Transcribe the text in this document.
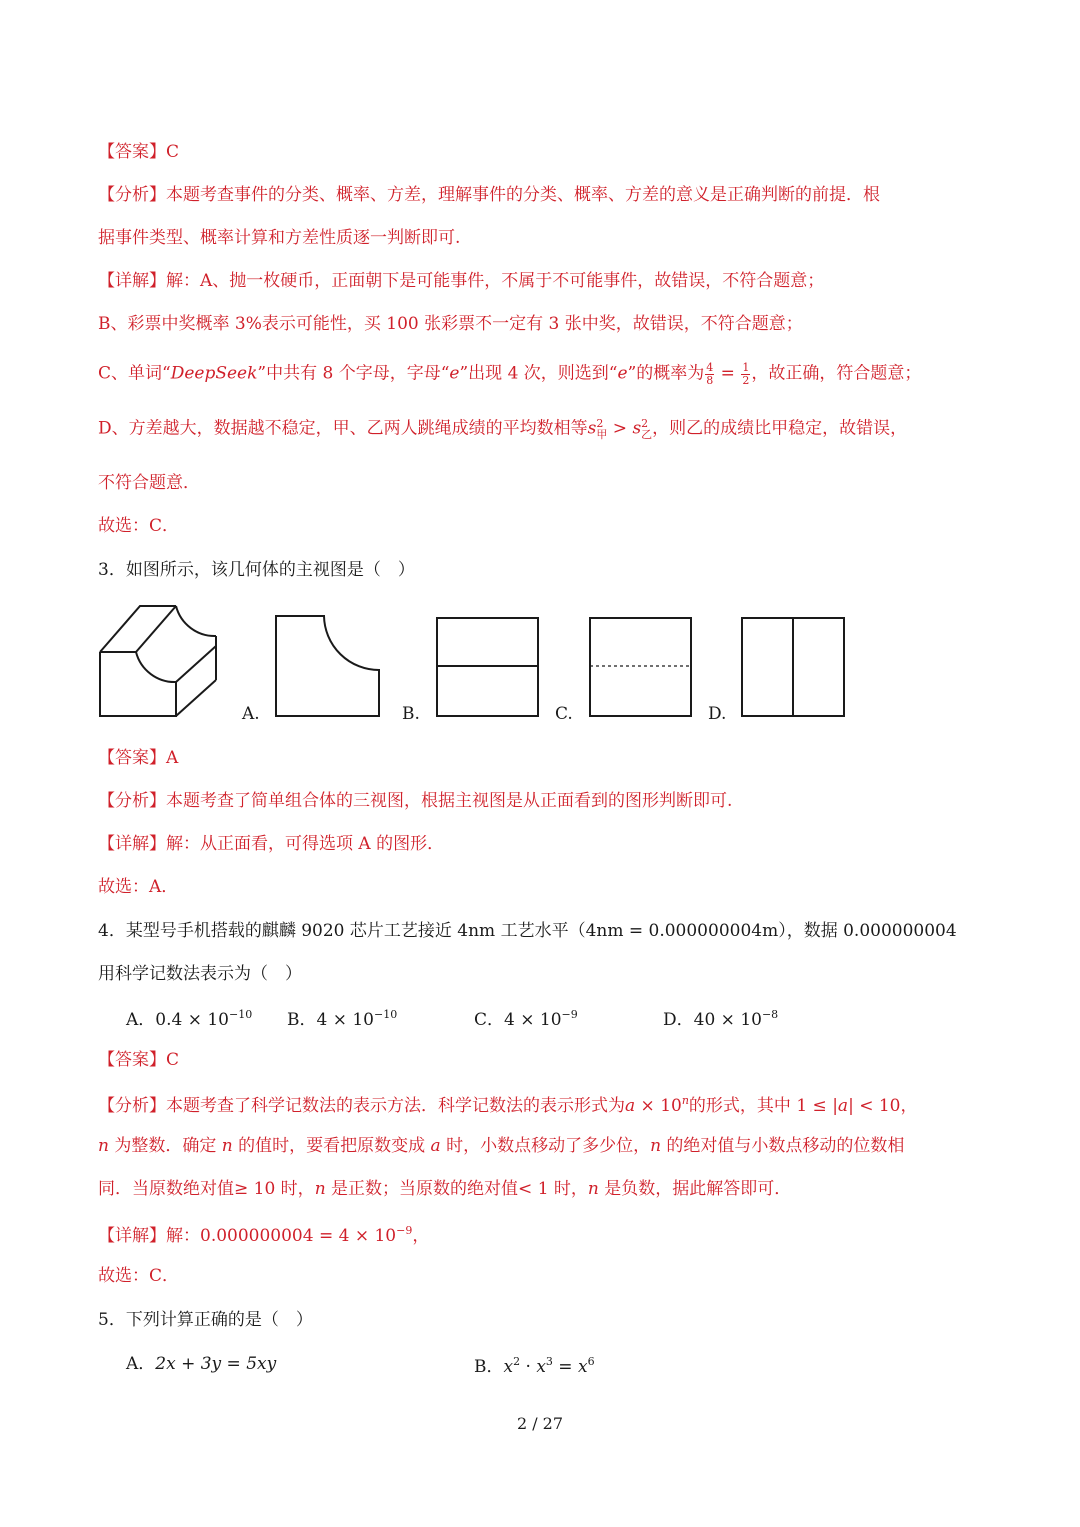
【答案】C
【分析】本题考查事件的分类、概率、方差，理解事件的分类、概率、方差的意义是正确判断的前提．根
据事件类型、概率计算和方差性质逐一判断即可.
【详解】解：A、抛一枚硬币，正面朝下是可能事件，不属于不可能事件，故错误，不符合题意；
B、彩票中奖概率 3%表示可能性，买 100 张彩票不一定有 3 张中奖，故错误，不符合题意；
C、单词“DeepSeek”中共有 8 个字母，字母“e”出现 4 次，则选到“e”的概率为 $\frac{4}{8} = \frac{1}{2}$ ，故正确，符合题意；
D、方差越大，数据越不稳定，甲、乙两人跳绳成绩的平均数相等s 2
甲 > s 2
乙 ，则乙的成绩比甲稳定，故错误，
不符合题意．
故选：C．
3．如图所示，该几何体的主视图是（　）
A.	B.	C.	D.
【答案】A
【分析】本题考查了简单组合体的三视图，根据主视图是从正面看到的图形判断即可.
【详解】解：从正面看，可得选项 A 的图形．
故选：A．
4．某型号手机搭载的麒麟 9020 芯片工艺接近 4nm 工艺水平（4nm = 0.000000004m），数据 0.000000004
用科学记数法表示为（　）
A．$0.4 \times 10^{-10}$ B．$4 \times 10^{-10}$	C．$4 \times 10^{-9}$	D．$40 \times 10^{-8}$
【答案】C
【分析】本题考查了科学记数法的表示方法．科学记数法的表示形式为$a \times 10^n$的形式，其中 1 ≤ |a| < 10，
n 为整数．确定 n 的值时，要看把原数变成 a 时，小数点移动了多少位，n 的绝对值与小数点移动的位数相
同．当原数绝对值≥ 10 时，n 是正数；当原数的绝对值< 1 时，n 是负数，据此解答即可．
【详解】解：$0.000000004 = 4 \times 10^{-9}$，
故选：C．
5．下列计算正确的是（　）
A．2x + 3y = 5xy	B．$x^2 \cdot x^3 = x^6$
2 / 27
